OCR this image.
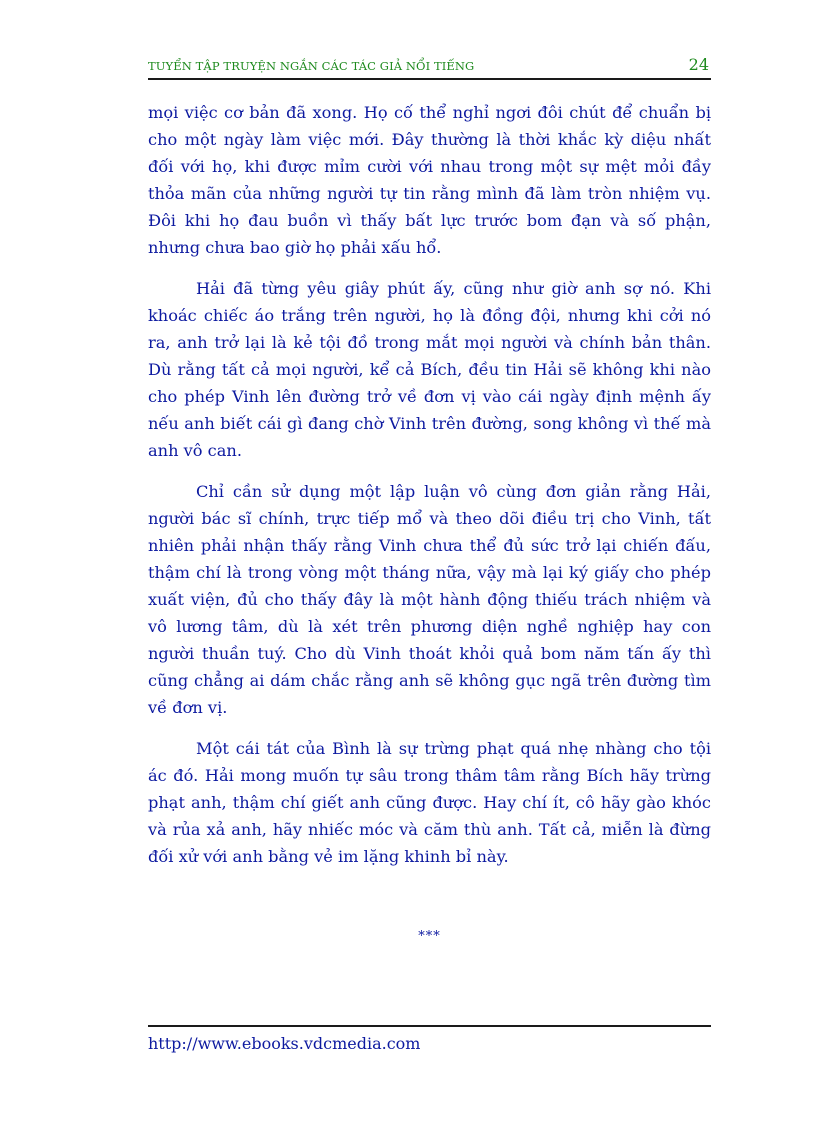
TUYỂN TẬP TRUYỆN NGẮN CÁC TÁC GIẢ NỔI TIẾNG	24

mọi việc cơ bản đã xong. Họ cố thể nghỉ ngơi đôi chút để chuẩn bị cho một ngày làm việc mới. Đây thường là thời khắc kỳ diệu nhất đối với họ, khi được mỉm cười với nhau trong một sự mệt mỏi đầy thỏa mãn của những người tự tin rằng mình đã làm tròn nhiệm vụ. Đôi khi họ đau buồn vì thấy bất lực trước bom đạn và số phận, nhưng chưa bao giờ họ phải xấu hổ.

Hải đã từng yêu giây phút ấy, cũng như giờ anh sợ nó. Khi khoác chiếc áo trắng trên người, họ là đồng đội, nhưng khi cởi nó ra, anh trở lại là kẻ tội đồ trong mắt mọi người và chính bản thân. Dù rằng tất cả mọi người, kể cả Bích, đều tin Hải sẽ không khi nào cho phép Vinh lên đường trở về đơn vị vào cái ngày định mệnh ấy nếu anh biết cái gì đang chờ Vinh trên đường, song không vì thế mà anh vô can.

Chỉ cần sử dụng một lập luận vô cùng đơn giản rằng Hải, người bác sĩ chính, trực tiếp mổ và theo dõi điều trị cho Vinh, tất nhiên phải nhận thấy rằng Vinh chưa thể đủ sức trở lại chiến đấu, thậm chí là trong vòng một tháng nữa, vậy mà lại ký giấy cho phép xuất viện, đủ cho thấy đây là một hành động thiếu trách nhiệm và vô lương tâm, dù là xét trên phương diện nghề nghiệp hay con người thuần tuý. Cho dù Vinh thoát khỏi quả bom năm tấn ấy thì cũng chẳng ai dám chắc rằng anh sẽ không gục ngã trên đường tìm về đơn vị.

Một cái tát của Bình là sự trừng phạt quá nhẹ nhàng cho tội ác đó. Hải mong muốn tự sâu trong thâm tâm rằng Bích hãy trừng phạt anh, thậm chí giết anh cũng được. Hay chí ít, cô hãy gào khóc và rủa xả anh, hãy nhiếc móc và căm thù anh. Tất cả, miễn là đừng đối xử với anh bằng vẻ im lặng khinh bỉ này.

***
http://www.ebooks.vdcmedia.com
